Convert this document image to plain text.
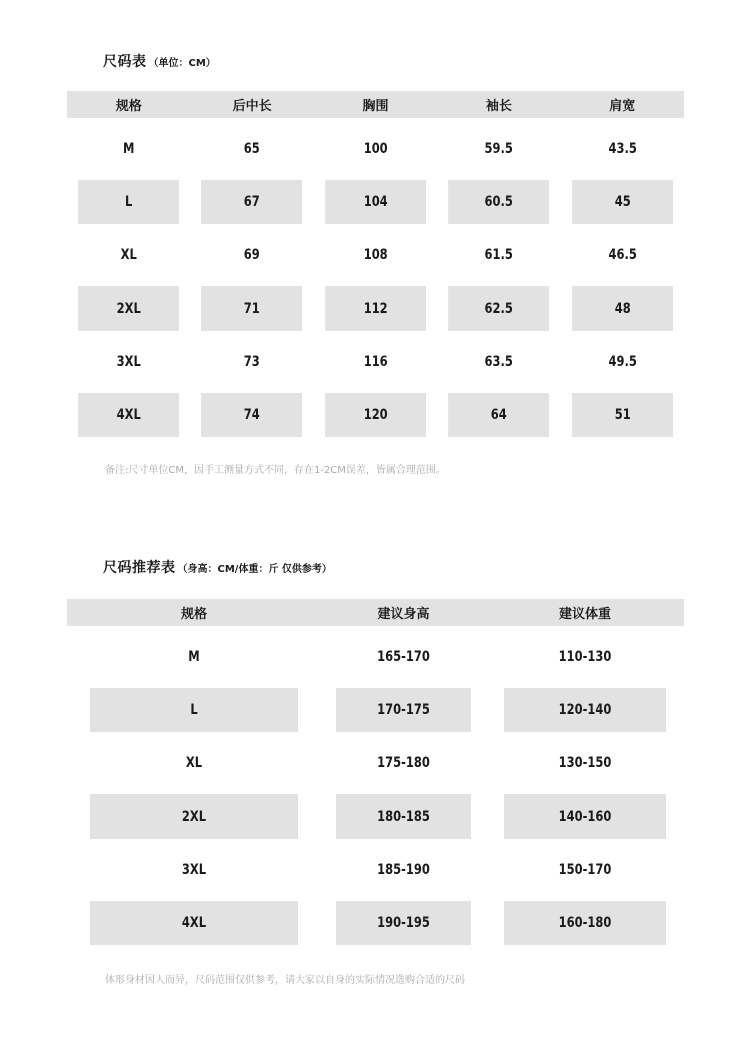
尺码表 （单位：CM）
规格	后中长	胸围	袖长	肩宽
M	65	100	59.5	43.5
L	67	104	60.5	45
XL	69	108	61.5	46.5
2XL	71	112	62.5	48
3XL	73	116	63.5	49.5
4XL	74	120	64	51
备注:尺寸单位CM，因手工测量方式不同，存在1-2CM误差，皆属合理范围。
尺码推荐表 （身高：CM/体重：斤 仅供参考）
规格	建议身高	建议体重
M	165-170	110-130
L	170-175	120-140
XL	175-180	130-150
2XL	180-185	140-160
3XL	185-190	150-170
4XL	190-195	160-180
体形身材因人而异，尺码范围仅供参考，请大家以自身的实际情况选购合适的尺码
